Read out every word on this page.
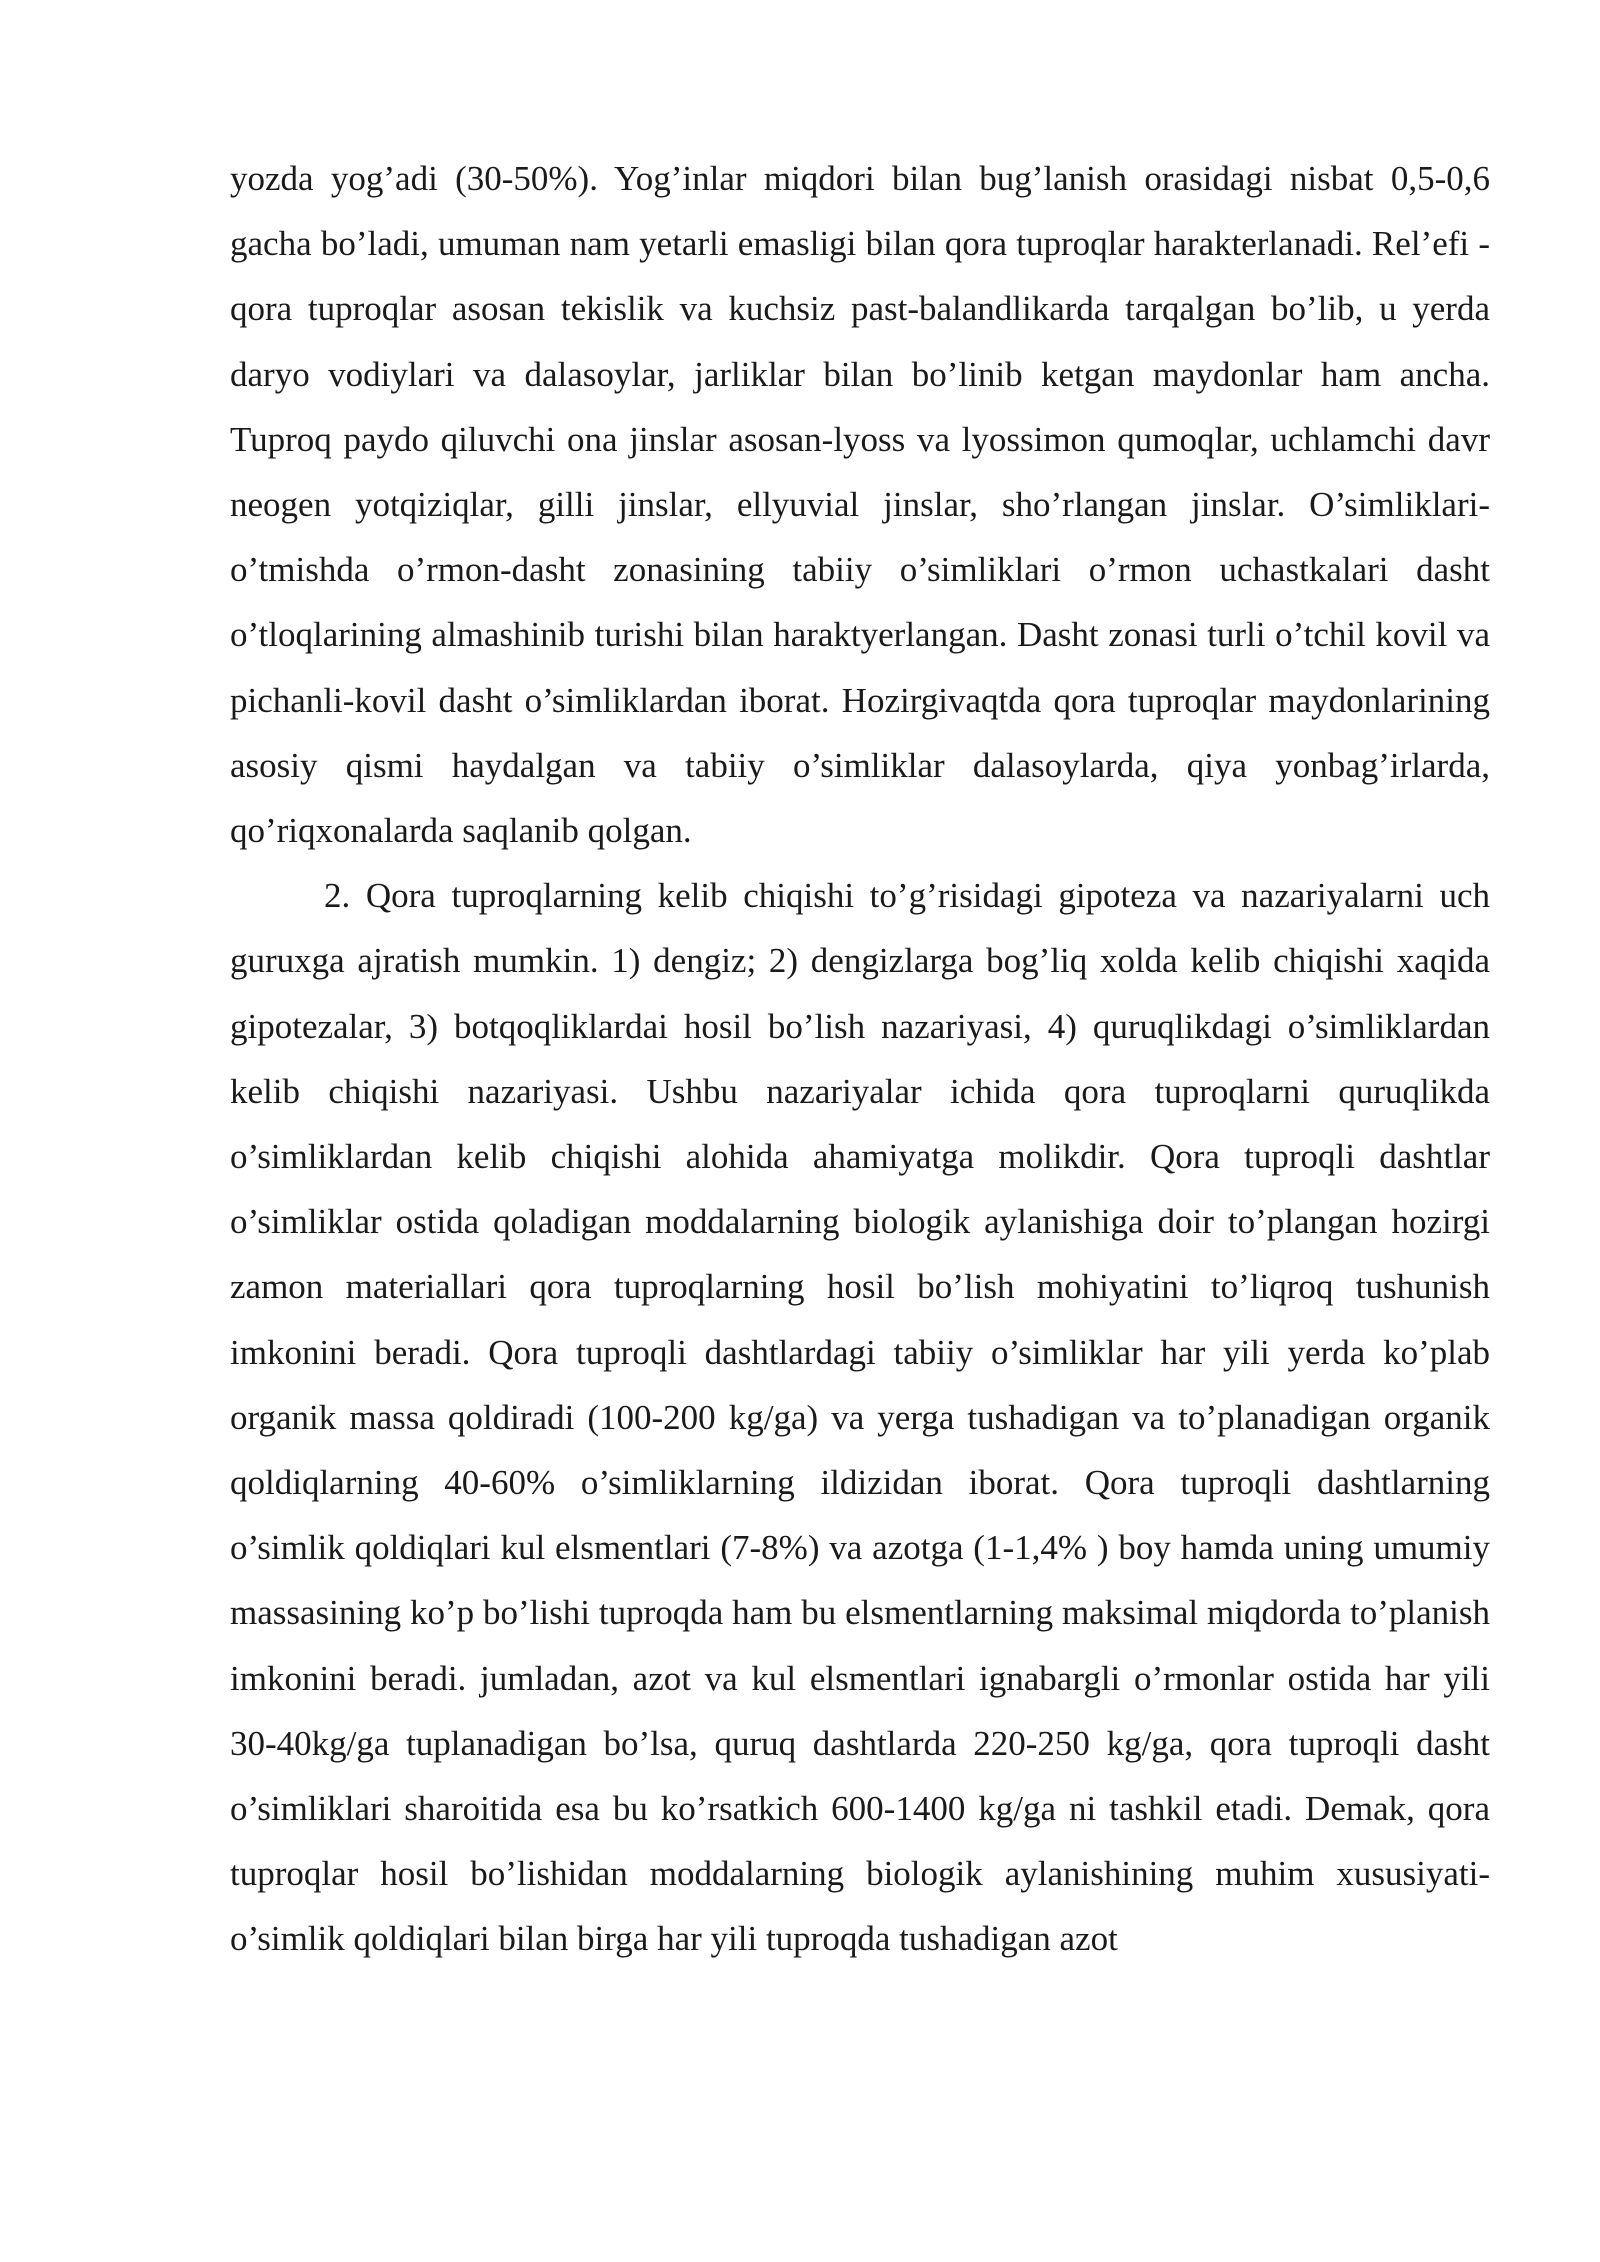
yozda yog’adi (30-50%). Yog’inlar miqdori bilan bug’lanish orasidagi nisbat 0,5-0,6 gacha bo’ladi, umuman nam yetarli emasligi bilan qora tuproqlar harakterlanadi. Rel’efi - qora tuproqlar asosan tekislik va kuchsiz past-balandlikarda tarqalgan bo’lib, u yerda daryo vodiylari va dalasoylar, jarliklar bilan bo’linib ketgan maydonlar ham ancha. Tuproq paydo qiluvchi ona jinslar asosan-lyoss va lyossimon qumoqlar, uchlamchi davr neogen yotqiziqlar, gilli jinslar, ellyuvial jinslar, sho’rlangan jinslar. O’simliklari-o’tmishda o’rmon-dasht zonasining tabiiy o’simliklari o’rmon uchastkalari dasht o’tloqlarining almashinib turishi bilan haraktyerlangan. Dasht zonasi turli o’tchil kovil va pichanli-kovil dasht o’simliklardan iborat. Hozirgivaqtda qora tuproqlar maydonlarining asosiy qismi haydalgan va tabiiy o’simliklar dalasoylarda, qiya yonbag’irlarda, qo’riqxonalarda saqlanib qolgan.

2. Qora tuproqlarning kelib chiqishi to’g’risidagi gipoteza va nazariyalarni uch guruxga ajratish mumkin. 1) dengiz; 2) dengizlarga bog’liq xolda kelib chiqishi xaqida gipotezalar, 3) botqoqliklardai hosil bo’lish nazariyasi, 4) quruqlikdagi o’simliklardan kelib chiqishi nazariyasi. Ushbu nazariyalar ichida qora tuproqlarni quruqlikda o’simliklardan kelib chiqishi alohida ahamiyatga molikdir. Qora tuproqli dashtlar o’simliklar ostida qoladigan moddalarning biologik aylanishiga doir to’plangan hozirgi zamon materiallari qora tuproqlarning hosil bo’lish mohiyatini to’liqroq tushunish imkonini beradi. Qora tuproqli dashtlardagi tabiiy o’simliklar har yili yerda ko’plab organik massa qoldiradi (100-200 kg/ga) va yerga tushadigan va to’planadigan organik qoldiqlarning 40-60% o’simliklarning ildizidan iborat. Qora tuproqli dashtlarning o’simlik qoldiqlari kul elsmentlari (7-8%) va azotga (1-1,4% ) boy hamda uning umumiy massasining ko’p bo’lishi tuproqda ham bu elsmentlarning maksimal miqdorda to’planish imkonini beradi. jumladan, azot va kul elsmentlari ignabargli o’rmonlar ostida har yili 30-40kg/ga tuplanadigan bo’lsa, quruq dashtlarda 220-250 kg/ga, qora tuproqli dasht o’simliklari sharoitida esa bu ko’rsatkich 600-1400 kg/ga ni tashkil etadi. Demak, qora tuproqlar hosil bo’lishidan moddalarning biologik aylanishining muhim xususiyati-o’simlik qoldiqlari bilan birga har yili tuproqda tushadigan azot
